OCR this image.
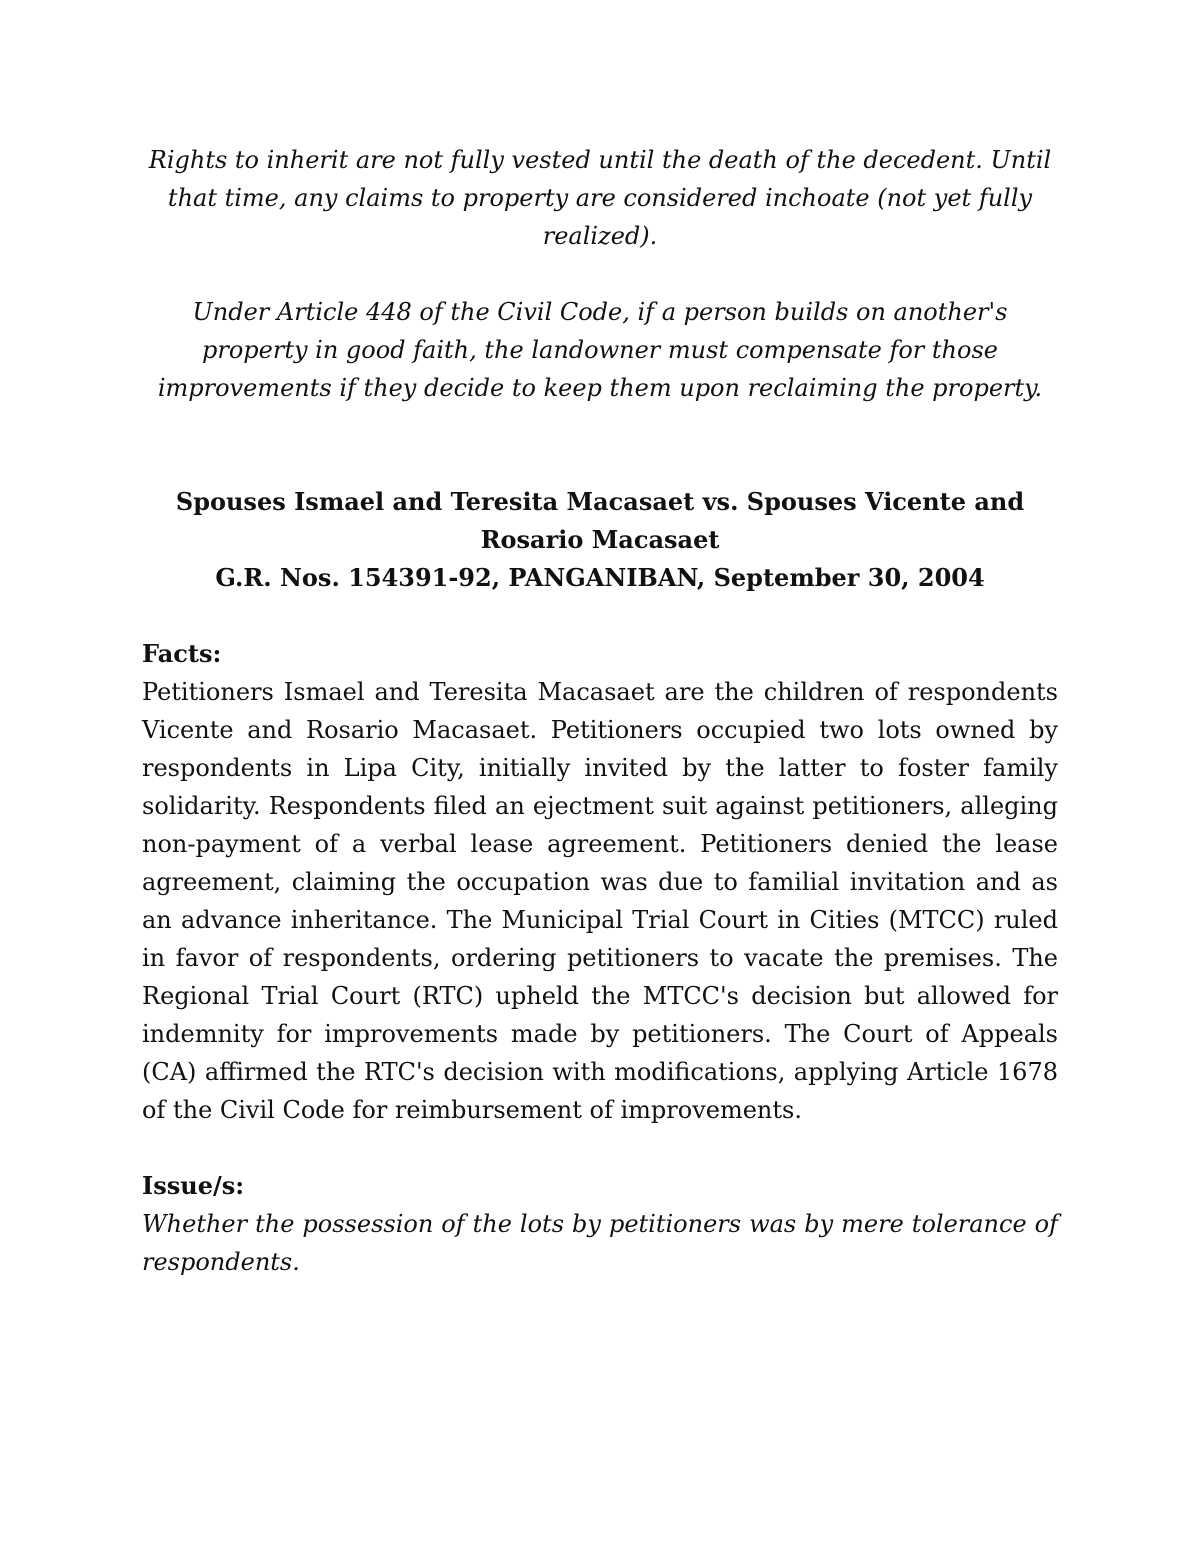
Rights to inherit are not fully vested until the death of the decedent. Until that time, any claims to property are considered inchoate (not yet fully realized).

Under Article 448 of the Civil Code, if a person builds on another's property in good faith, the landowner must compensate for those improvements if they decide to keep them upon reclaiming the property.

Spouses Ismael and Teresita Macasaet vs. Spouses Vicente and Rosario Macasaet
G.R. Nos. 154391-92, PANGANIBAN, September 30, 2004
Facts:

Petitioners Ismael and Teresita Macasaet are the children of respondents Vicente and Rosario Macasaet. Petitioners occupied two lots owned by respondents in Lipa City, initially invited by the latter to foster family solidarity. Respondents filed an ejectment suit against petitioners, alleging non-payment of a verbal lease agreement. Petitioners denied the lease agreement, claiming the occupation was due to familial invitation and as an advance inheritance. The Municipal Trial Court in Cities (MTCC) ruled in favor of respondents, ordering petitioners to vacate the premises. The Regional Trial Court (RTC) upheld the MTCC's decision but allowed for indemnity for improvements made by petitioners. The Court of Appeals (CA) affirmed the RTC's decision with modifications, applying Article 1678 of the Civil Code for reimbursement of improvements.

Issue/s:

Whether the possession of the lots by petitioners was by mere tolerance of respondents.
